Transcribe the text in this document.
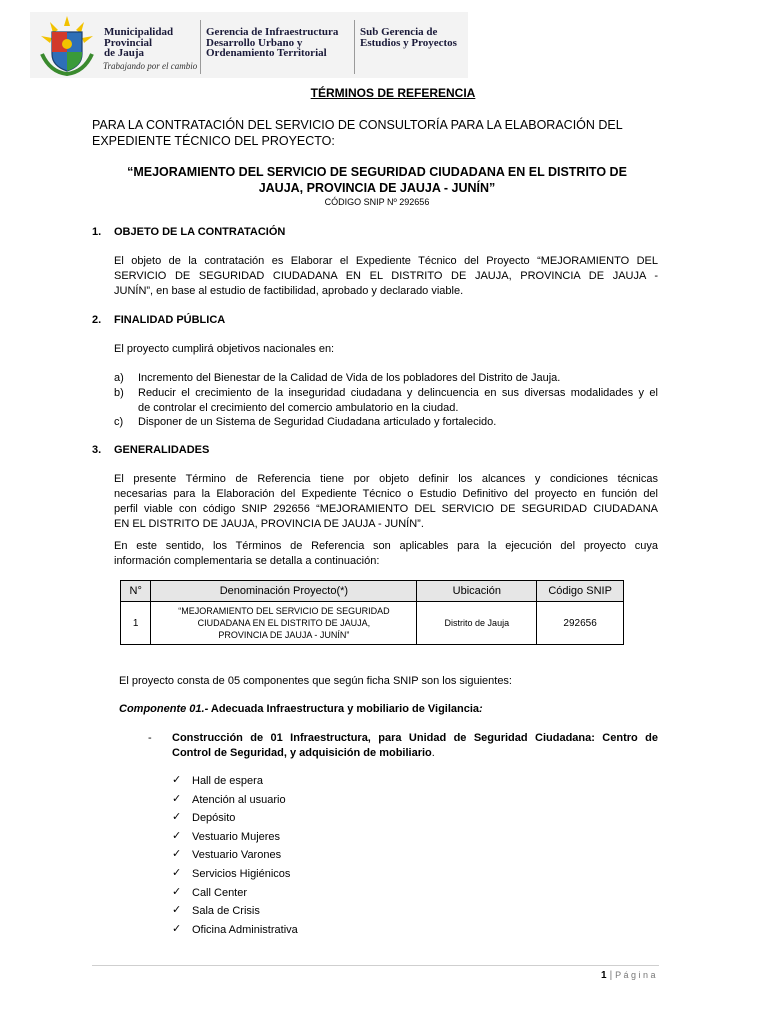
Municipalidad
Provincial
de Jauja
Trabajando por el cambio
Gerencia de Infraestructura
Desarrollo Urbano y
Ordenamiento Territorial
Sub Gerencia de
Estudios y Proyectos
TÉRMINOS DE REFERENCIA
PARA LA CONTRATACIÓN DEL SERVICIO DE CONSULTORÍA PARA LA ELABORACIÓN DEL
EXPEDIENTE TÉCNICO DEL PROYECTO:
“MEJORAMIENTO DEL SERVICIO DE SEGURIDAD CIUDADANA EN EL DISTRITO DE
JAUJA, PROVINCIA DE JAUJA - JUNÍN”
CÓDIGO SNIP Nº 292656
1. OBJETO DE LA CONTRATACIÓN
El objeto de la contratación es Elaborar el Expediente Técnico del Proyecto “MEJORAMIENTO DEL
SERVICIO DE SEGURIDAD CIUDADANA EN EL DISTRITO DE JAUJA, PROVINCIA DE JAUJA -
JUNÍN”, en base al estudio de factibilidad, aprobado y declarado viable.
2. FINALIDAD PÚBLICA
El proyecto cumplirá objetivos nacionales en:
a) Incremento del Bienestar de la Calidad de Vida de los pobladores del Distrito de Jauja.
b) Reducir el crecimiento de la inseguridad ciudadana y delincuencia en sus diversas modalidades y el
de controlar el crecimiento del comercio ambulatorio en la ciudad.
c) Disponer de un Sistema de Seguridad Ciudadana articulado y fortalecido.
3. GENERALIDADES
El presente Término de Referencia tiene por objeto definir los alcances y condiciones técnicas
necesarias para la Elaboración del Expediente Técnico o Estudio Definitivo del proyecto en función del
perfil viable con código SNIP 292656 “MEJORAMIENTO DEL SERVICIO DE SEGURIDAD CIUDADANA
EN EL DISTRITO DE JAUJA, PROVINCIA DE JAUJA - JUNÍN”.
En este sentido, los Términos de Referencia son aplicables para la ejecución del proyecto cuya
información complementaria se detalla a continuación:
N°	Denominación Proyecto(*)	Ubicación	Código SNIP
1	“MEJORAMIENTO DEL SERVICIO DE SEGURIDAD
CIUDADANA EN EL DISTRITO DE JAUJA,
PROVINCIA DE JAUJA - JUNÍN”	Distrito de Jauja	292656
El proyecto consta de 05 componentes que según ficha SNIP son los siguientes:
Componente 01.- Adecuada Infraestructura y mobiliario de Vigilancia:
- Construcción de 01 Infraestructura, para Unidad de Seguridad Ciudadana: Centro de
Control de Seguridad, y adquisición de mobiliario.
✓ Hall de espera
✓ Atención al usuario
✓ Depósito
✓ Vestuario Mujeres
✓ Vestuario Varones
✓ Servicios Higiénicos
✓ Call Center
✓ Sala de Crisis
✓ Oficina Administrativa
1 | P á g i n a
